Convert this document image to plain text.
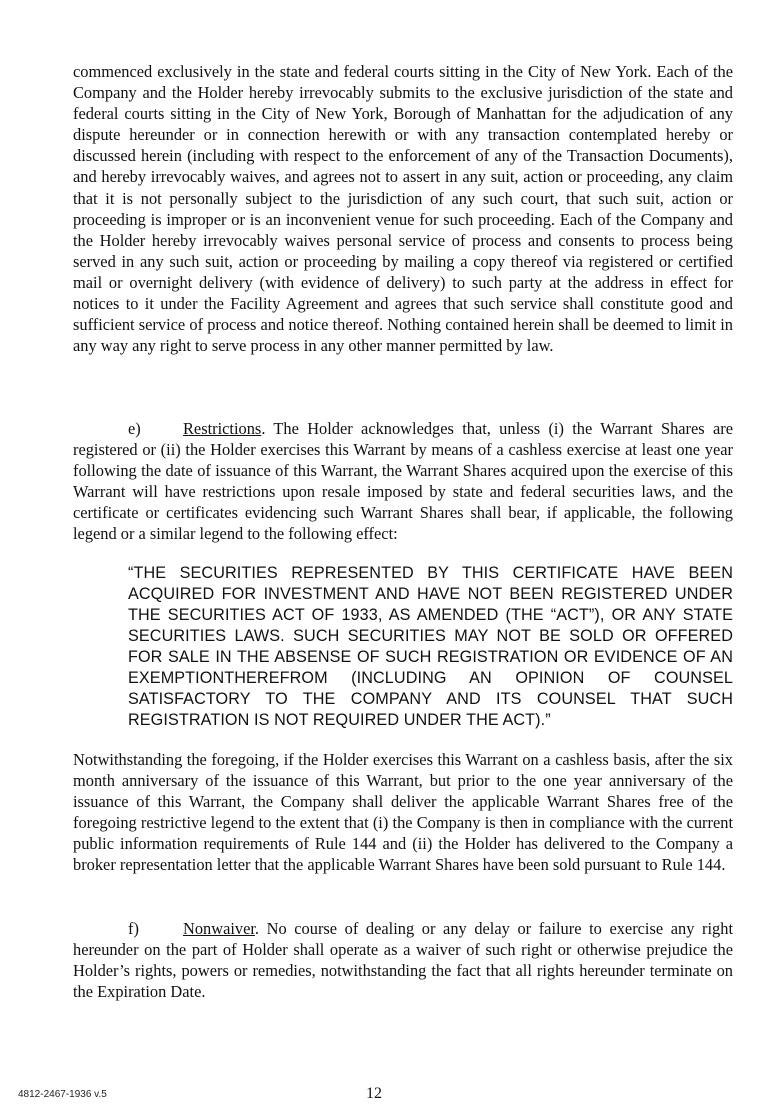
commenced exclusively in the state and federal courts sitting in the City of New York. Each of the Company and the Holder hereby irrevocably submits to the exclusive jurisdiction of the state and federal courts sitting in the City of New York, Borough of Manhattan for the adjudication of any dispute hereunder or in connection herewith or with any transaction contemplated hereby or discussed herein (including with respect to the enforcement of any of the Transaction Documents), and hereby irrevocably waives, and agrees not to assert in any suit, action or proceeding, any claim that it is not personally subject to the jurisdiction of any such court, that such suit, action or proceeding is improper or is an inconvenient venue for such proceeding. Each of the Company and the Holder hereby irrevocably waives personal service of process and consents to process being served in any such suit, action or proceeding by mailing a copy thereof via registered or certified mail or overnight delivery (with evidence of delivery) to such party at the address in effect for notices to it under the Facility Agreement and agrees that such service shall constitute good and sufficient service of process and notice thereof. Nothing contained herein shall be deemed to limit in any way any right to serve process in any other manner permitted by law.

e)	Restrictions. The Holder acknowledges that, unless (i) the Warrant Shares are registered or (ii) the Holder exercises this Warrant by means of a cashless exercise at least one year following the date of issuance of this Warrant, the Warrant Shares acquired upon the exercise of this Warrant will have restrictions upon resale imposed by state and federal securities laws, and the certificate or certificates evidencing such Warrant Shares shall bear, if applicable, the following legend or a similar legend to the following effect:

“THE SECURITIES REPRESENTED BY THIS CERTIFICATE HAVE BEEN ACQUIRED FOR INVESTMENT AND HAVE NOT BEEN REGISTERED UNDER THE SECURITIES ACT OF 1933, AS AMENDED (THE “ACT”), OR ANY STATE SECURITIES LAWS. SUCH SECURITIES MAY NOT BE SOLD OR OFFERED FOR SALE IN THE ABSENSE OF SUCH REGISTRATION OR EVIDENCE OF AN EXEMPTIONTHEREFROM (INCLUDING AN OPINION OF COUNSEL SATISFACTORY TO THE COMPANY AND ITS COUNSEL THAT SUCH REGISTRATION IS NOT REQUIRED UNDER THE ACT).”

Notwithstanding the foregoing, if the Holder exercises this Warrant on a cashless basis, after the six month anniversary of the issuance of this Warrant, but prior to the one year anniversary of the issuance of this Warrant, the Company shall deliver the applicable Warrant Shares free of the foregoing restrictive legend to the extent that (i) the Company is then in compliance with the current public information requirements of Rule 144 and (ii) the Holder has delivered to the Company a broker representation letter that the applicable Warrant Shares have been sold pursuant to Rule 144.

f)	Nonwaiver. No course of dealing or any delay or failure to exercise any right hereunder on the part of Holder shall operate as a waiver of such right or otherwise prejudice the Holder’s rights, powers or remedies, notwithstanding the fact that all rights hereunder terminate on the Expiration Date.

4812-2467-1936 v.5	12
